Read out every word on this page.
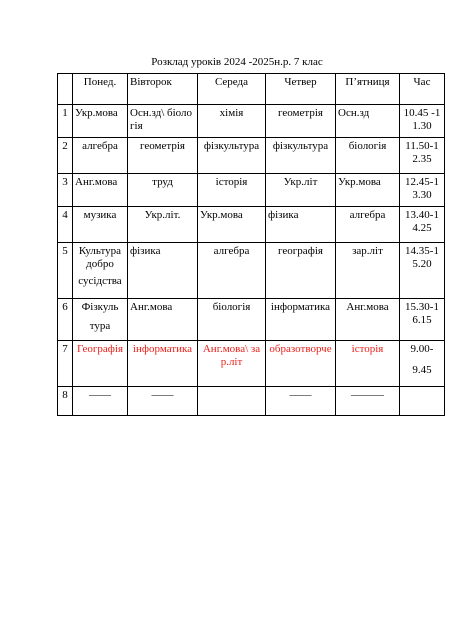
Розклад уроків 2024 -2025н.р. 7 клас
	Понед.	Вівторок	Середа	Четвер	П’ятниця	Час
1	Укр.мова	Осн.зд\ біологія	хімія	геометрія	Осн.зд	10.45 -11.30
2	алгебра	геометрія	фізкультура	фізкультура	біологія	11.50-12.35
3	Анг.мова	труд	історія	Укр.літ	Укр.мова	12.45-13.30
4	музика	Укр.літ.	Укр.мова	фізика	алгебра	13.40-14.25
5	Культура
добро
сусідства	фізика	алгебра	географія	зар.літ	14.35-15.20
6	Фізкуль
тура	Анг.мова	біологія	інформатика	Анг.мова	15.30-16.15
7	Географія	інформатика	Анг.мова\ зар.літ	образотворче	історія	9.00-
9.45

8	——	——		——	———	
